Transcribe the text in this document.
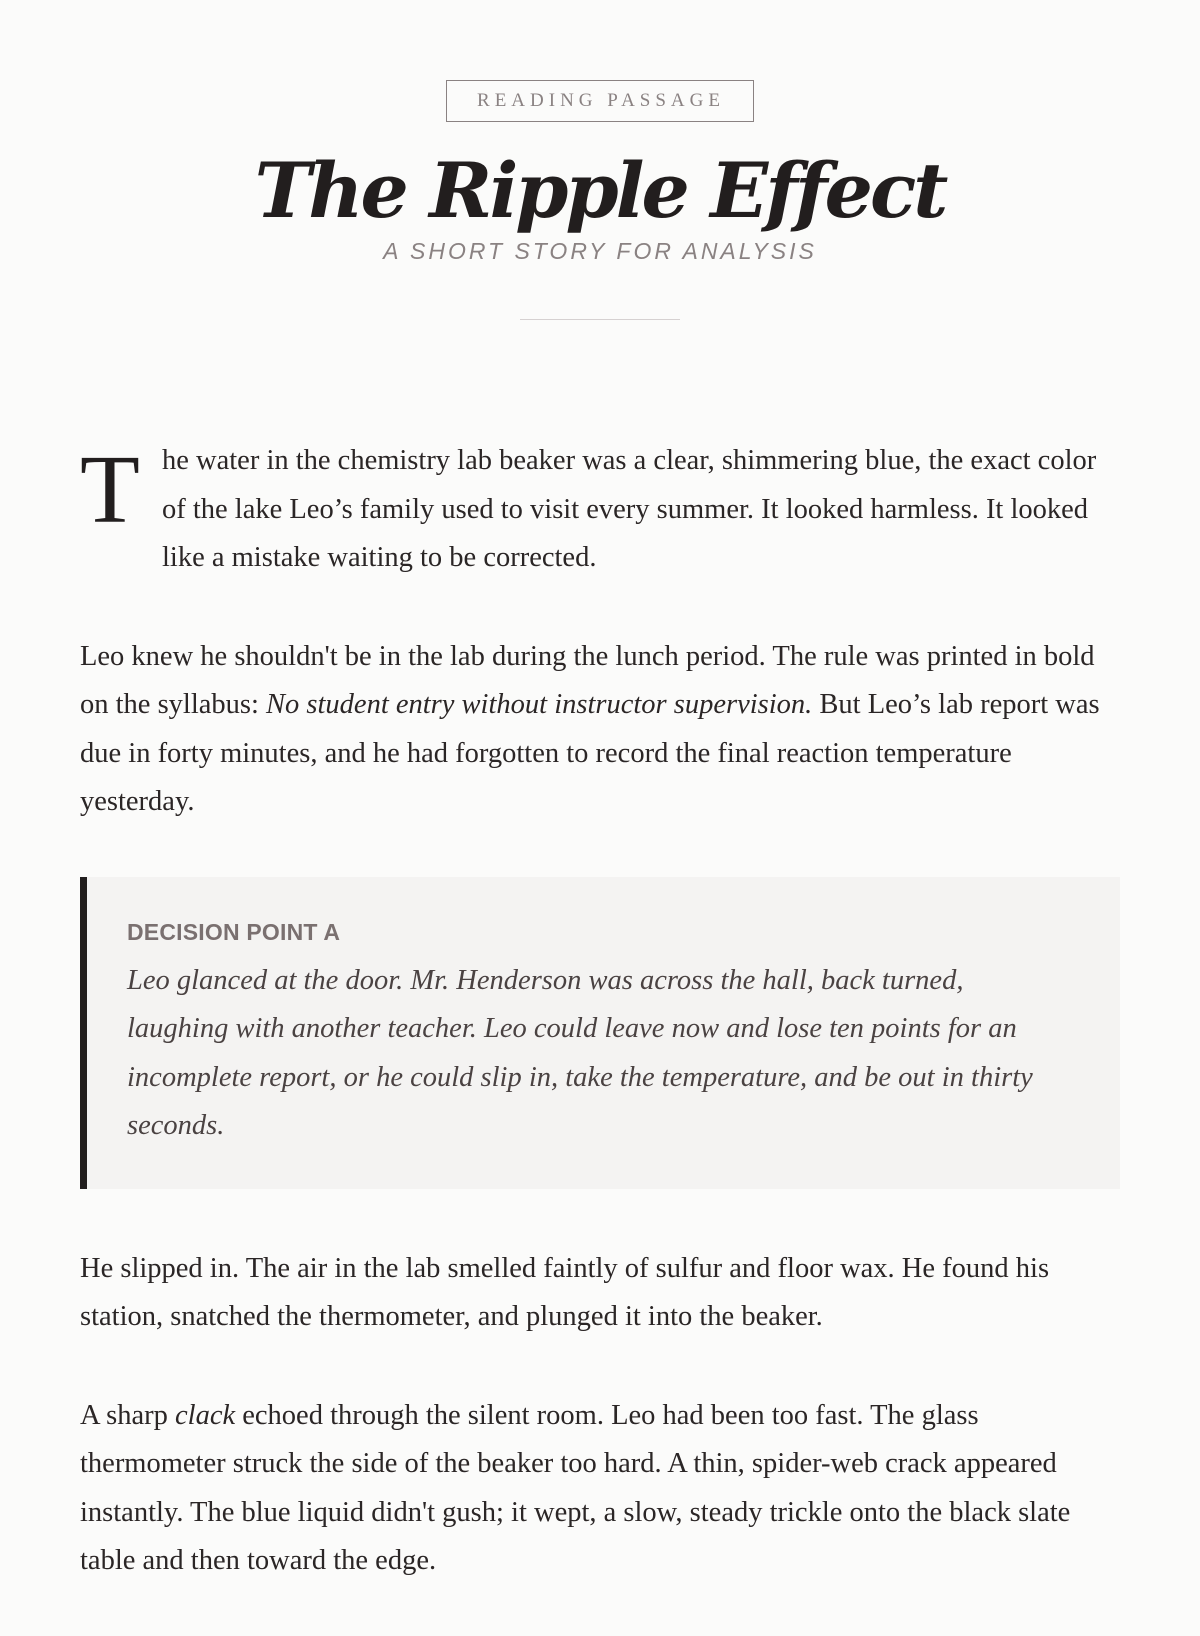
READING PASSAGE
The Ripple Effect
A SHORT STORY FOR ANALYSIS

T he water in the chemistry lab beaker was a clear, shimmering blue, the exact color of the lake Leo’s family used to visit every summer. It looked harmless. It looked like a mistake waiting to be corrected.

Leo knew he shouldn't be in the lab during the lunch period. The rule was printed in bold on the syllabus: No student entry without instructor supervision. But Leo’s lab report was due in forty minutes, and he had forgotten to record the final reaction temperature yesterday.

DECISION POINT A
Leo glanced at the door. Mr. Henderson was across the hall, back turned, laughing with another teacher. Leo could leave now and lose ten points for an incomplete report, or he could slip in, take the temperature, and be out in thirty seconds.

He slipped in. The air in the lab smelled faintly of sulfur and floor wax. He found his station, snatched the thermometer, and plunged it into the beaker.

A sharp clack echoed through the silent room. Leo had been too fast. The glass thermometer struck the side of the beaker too hard. A thin, spider-web crack appeared instantly. The blue liquid didn't gush; it wept, a slow, steady trickle onto the black slate table and then toward the edge.
